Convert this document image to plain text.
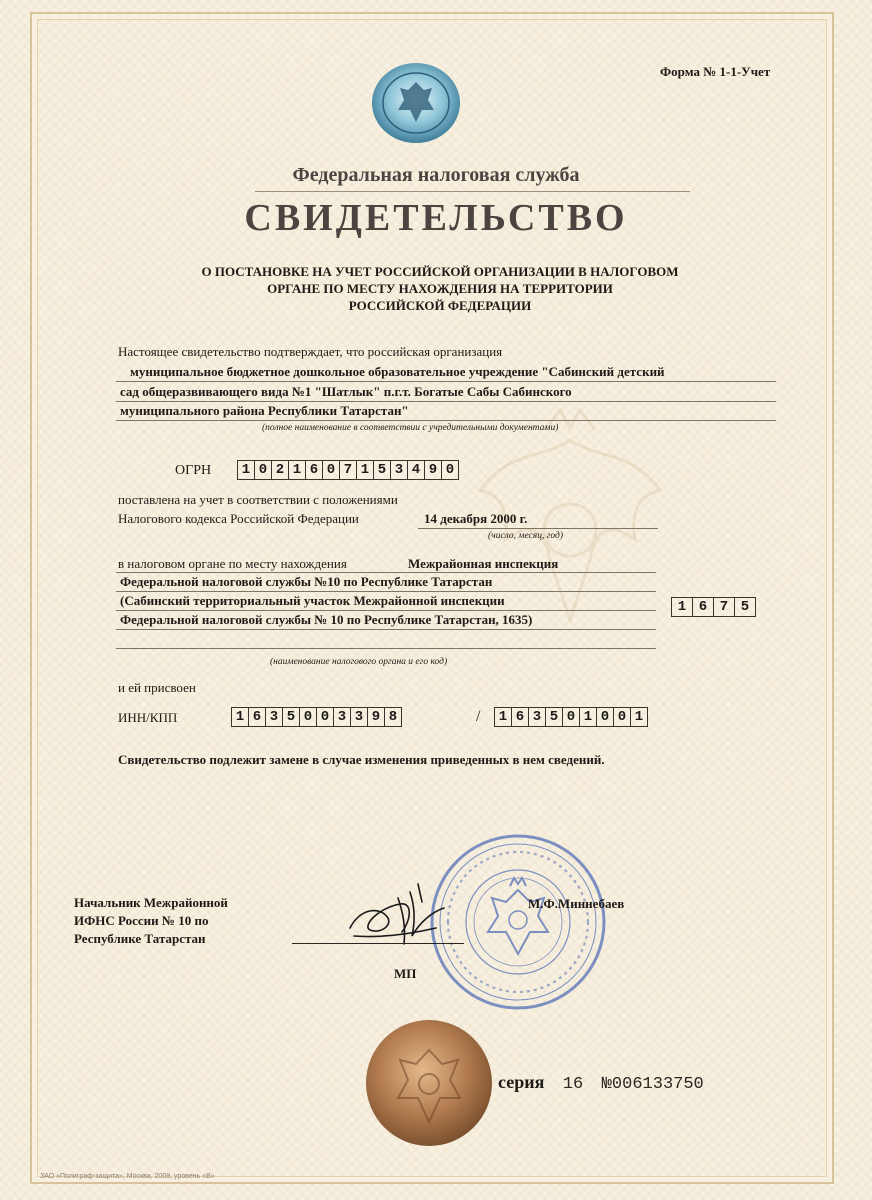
Форма № 1-1-Учет
Федеральная налоговая служба
СВИДЕТЕЛЬСТВО
О ПОСТАНОВКЕ НА УЧЕТ РОССИЙСКОЙ ОРГАНИЗАЦИИ В НАЛОГОВОМ
ОРГАНЕ ПО МЕСТУ НАХОЖДЕНИЯ НА ТЕРРИТОРИИ
РОССИЙСКОЙ ФЕДЕРАЦИИ
Настоящее свидетельство подтверждает, что российская организация
муниципальное бюджетное дошкольное образовательное учреждение "Сабинский детский
сад общеразвивающего вида №1 "Шатлык" п.г.т. Богатые Сабы Сабинского
муниципального района Республики Татарстан"
(полное наименование в соответствии с учредительными документами)
ОГРН	1 0 2 1 6 0 7 1 5 3 4 9 0
поставлена на учет в соответствии с положениями
Налогового кодекса Российской Федерации	14 декабря 2000 г.
(число, месяц, год)
в налоговом органе по месту нахождения	Межрайонная инспекция
Федеральной налоговой службы №10 по Республике Татарстан
(Сабинский территориальный участок Межрайонной инспекции
Федеральной налоговой службы № 10 по Республике Татарстан, 1635)
1 6 7 5
(наименование налогового органа и его код)
и ей присвоен
ИНН/КПП	1 6 3 5 0 0 3 3 9 8	/	1 6 3 5 0 1 0 0 1
Свидетельство подлежит замене в случае изменения приведенных в нем сведений.
Начальник Межрайонной
ИФНС России № 10 по
Республике Татарстан
М.Ф.Миннебаев
МП
серия 16 №006133750
ЗАО «Полиграф-защита», Москва, 2009, уровень «В»
